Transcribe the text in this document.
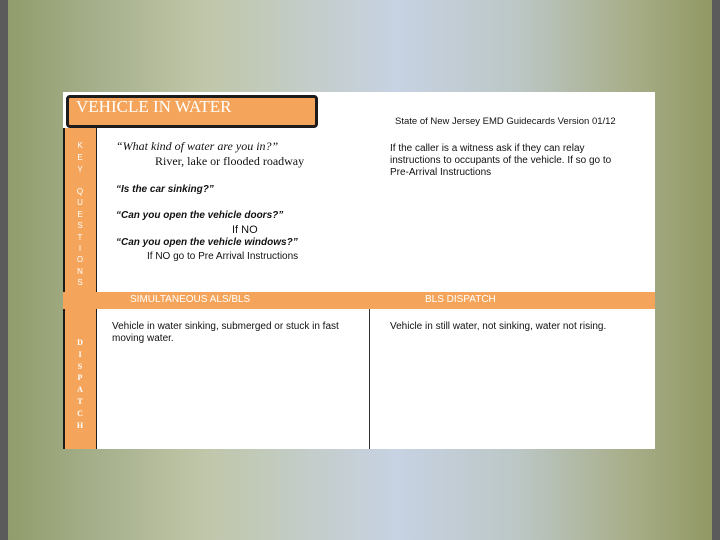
VEHICLE IN WATER
State of New Jersey EMD Guidecards Version 01/12
K
E
Y
Q
U
E
S
T
I
O
N
S
D
I
S
P
A
T
C
H
“What kind of water are you in?”
River, lake or flooded roadway
“Is the car sinking?”
“Can you open the vehicle doors?”
If NO
“Can you open the vehicle windows?”
If NO go to Pre Arrival Instructions
If the caller is a witness ask if they can relay instructions to occupants of the vehicle. If so go to Pre-Arrival Instructions
SIMULTANEOUS ALS/BLS	BLS DISPATCH
Vehicle in water sinking, submerged or stuck in fast moving water.
Vehicle in still water, not sinking, water not rising.
